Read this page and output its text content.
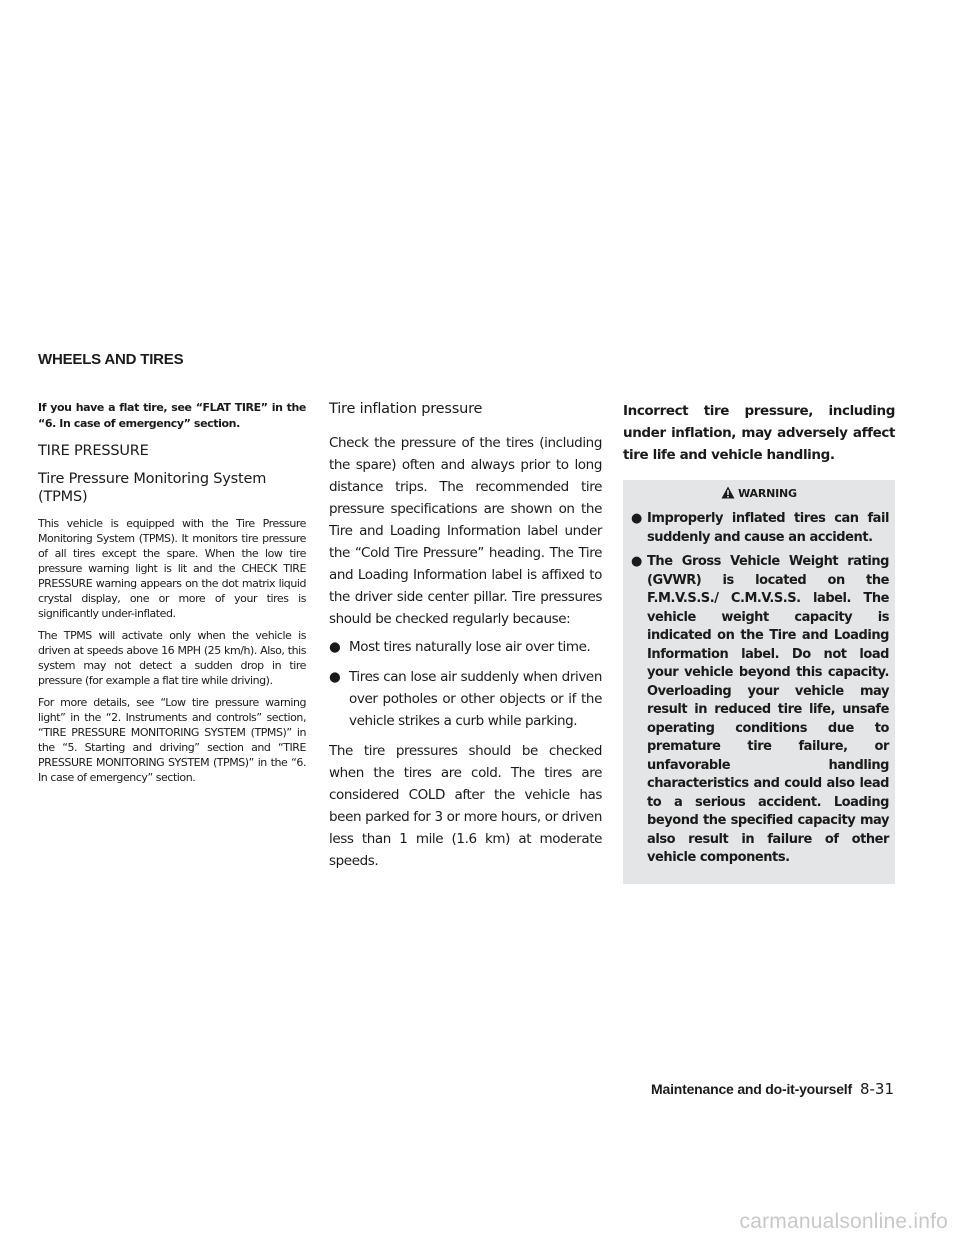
WHEELS AND TIRES

If you have a flat tire, see “FLAT TIRE” in the “6. In case of emergency” section.

TIRE PRESSURE
Tire Pressure Monitoring System (TPMS)

This vehicle is equipped with the Tire Pressure Monitoring System (TPMS). It monitors tire pressure of all tires except the spare. When the low tire pressure warning light is lit and the CHECK TIRE PRESSURE warning appears on the dot matrix liquid crystal display, one or more of your tires is significantly under-inflated.

The TPMS will activate only when the vehicle is driven at speeds above 16 MPH (25 km/h). Also, this system may not detect a sudden drop in tire pressure (for example a flat tire while driving).

For more details, see “Low tire pressure warning light” in the “2. Instruments and controls” section, “TIRE PRESSURE MONITORING SYSTEM (TPMS)” in the “5. Starting and driving” section and “TIRE PRESSURE MONITORING SYSTEM (TPMS)” in the “6. In case of emergency” section.

Tire inflation pressure

Check the pressure of the tires (including the spare) often and always prior to long distance trips. The recommended tire pressure specifications are shown on the Tire and Loading Information label under the “Cold Tire Pressure” heading. The Tire and Loading Information label is affixed to the driver side center pillar. Tire pressures should be checked regularly because:

● Most tires naturally lose air over time.
● Tires can lose air suddenly when driven over potholes or other objects or if the vehicle strikes a curb while parking.

The tire pressures should be checked when the tires are cold. The tires are considered COLD after the vehicle has been parked for 3 or more hours, or driven less than 1 mile (1.6 km) at moderate speeds.

Incorrect tire pressure, including under inflation, may adversely affect tire life and vehicle handling.

WARNING
● Improperly inflated tires can fail suddenly and cause an accident.
● The Gross Vehicle Weight rating (GVWR) is located on the F.M.V.S.S./ C.M.V.S.S. label. The vehicle weight capacity is indicated on the Tire and Loading Information label. Do not load your vehicle beyond this capacity. Overloading your vehicle may result in reduced tire life, unsafe operating conditions due to premature tire failure, or unfavorable handling characteristics and could also lead to a serious accident. Loading beyond the specified capacity may also result in failure of other vehicle components.
Maintenance and do-it-yourself 8-31
carmanualsonline.info
